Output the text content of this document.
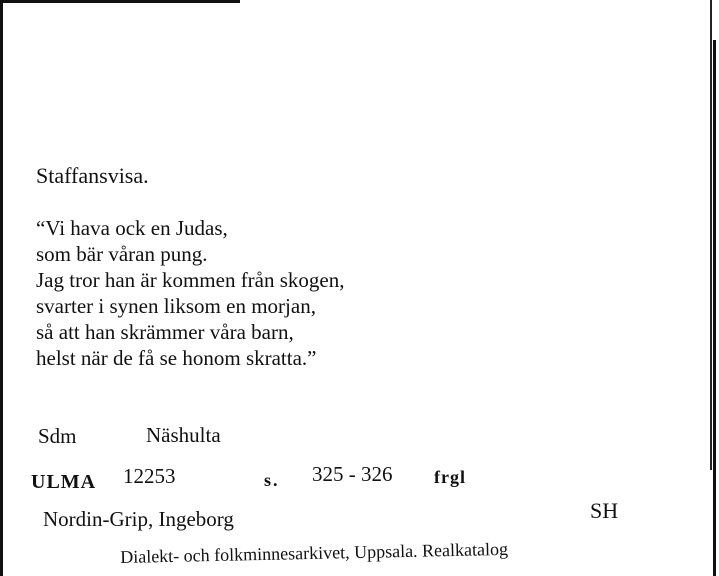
Staffansvisa.
“Vi hava ock en Judas,
som bär våran pung.
Jag tror han är kommen från skogen,
svarter i synen liksom en morjan,
så att han skrämmer våra barn,
helst när de få se honom skratta.”
Sdm	Näshulta
ULMA 12253	s. 325 - 326 frgl
Nordin-Grip, Ingeborg	SH
Dialekt- och folkminnesarkivet, Uppsala. Realkatalog
